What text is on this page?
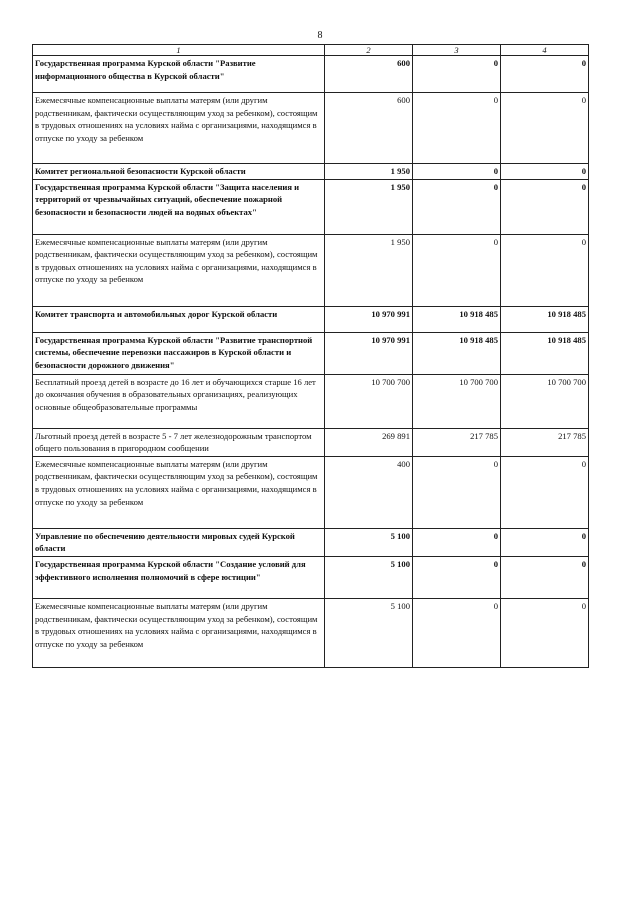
8
1	2	3	4
Государственная программа Курской области "Развитие информационного общества в Курской области"	600	0	0
Ежемесячные компенсационные выплаты матерям (или другим родственникам, фактически осуществляющим уход за ребенком), состоящим в трудовых отношениях на условиях найма с организациями, находящимся в отпуске по уходу за ребенком	600	0	0
Комитет региональной безопасности Курской области	1 950	0	0
Государственная программа Курской области "Защита населения и территорий от чрезвычайных ситуаций, обеспечение пожарной безопасности и безопасности людей на водных объектах"	1 950	0	0
Ежемесячные компенсационные выплаты матерям (или другим родственникам, фактически осуществляющим уход за ребенком), состоящим в трудовых отношениях на условиях найма с организациями, находящимся в отпуске по уходу за ребенком	1 950	0	0
Комитет транспорта и автомобильных дорог Курской области	10 970 991	10 918 485	10 918 485
Государственная программа Курской области "Развитие транспортной системы, обеспечение перевозки пассажиров в Курской области и безопасности дорожного движения"	10 970 991	10 918 485	10 918 485
Бесплатный проезд детей в возрасте до 16 лет и обучающихся старше 16 лет до окончания обучения в образовательных организациях, реализующих основные общеобразовательные программы	10 700 700	10 700 700	10 700 700
Льготный проезд детей в возрасте 5 - 7 лет железнодорожным транспортом общего пользования в пригородном сообщении	269 891	217 785	217 785
Ежемесячные компенсационные выплаты матерям (или другим родственникам, фактически осуществляющим уход за ребенком), состоящим в трудовых отношениях на условиях найма с организациями, находящимся в отпуске по уходу за ребенком	400	0	0
Управление по обеспечению деятельности мировых судей Курской области	5 100	0	0
Государственная программа Курской области "Создание условий для эффективного исполнения полномочий в сфере юстиции"	5 100	0	0
Ежемесячные компенсационные выплаты матерям (или другим родственникам, фактически осуществляющим уход за ребенком), состоящим в трудовых отношениях на условиях найма с организациями, находящимся в отпуске по уходу за ребенком	5 100	0	0
